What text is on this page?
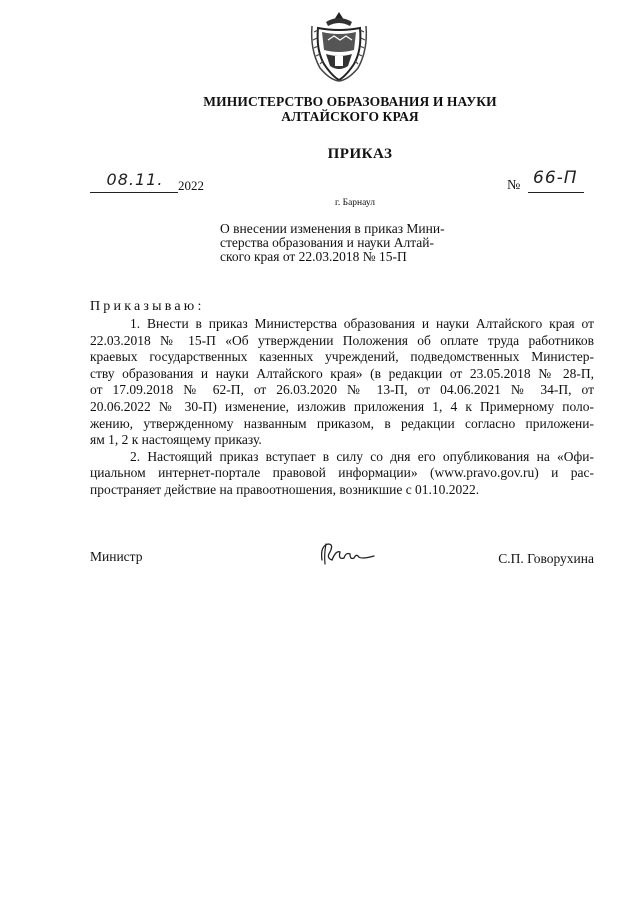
МИНИСТЕРСТВО ОБРАЗОВАНИЯ И НАУКИ
АЛТАЙСКОГО КРАЯ
ПРИКАЗ
08.11.	2022	№ 66-П
г. Барнаул
О внесении изменения в приказ Мини-
стерства образования и науки Алтай-
ского края от 22.03.2018 № 15-П
Приказываю:
1. Внести в приказ Министерства образования и науки Алтайского края от
22.03.2018 № 15-П «Об утверждении Положения об оплате труда работников
краевых государственных казенных учреждений, подведомственных Министер-
ству образования и науки Алтайского края» (в редакции от 23.05.2018 № 28-П,
от 17.09.2018 № 62-П, от 26.03.2020 № 13-П, от 04.06.2021 № 34-П, от
20.06.2022 № 30-П) изменение, изложив приложения 1, 4 к Примерному поло-
жению, утвержденному названным приказом, в редакции согласно приложени-
ям 1, 2 к настоящему приказу.
2. Настоящий приказ вступает в силу со дня его опубликования на «Офи-
циальном интернет-портале правовой информации» (www.pravo.gov.ru) и рас-
пространяет действие на правоотношения, возникшие с 01.10.2022.
Министр	С.П. Говорухина
